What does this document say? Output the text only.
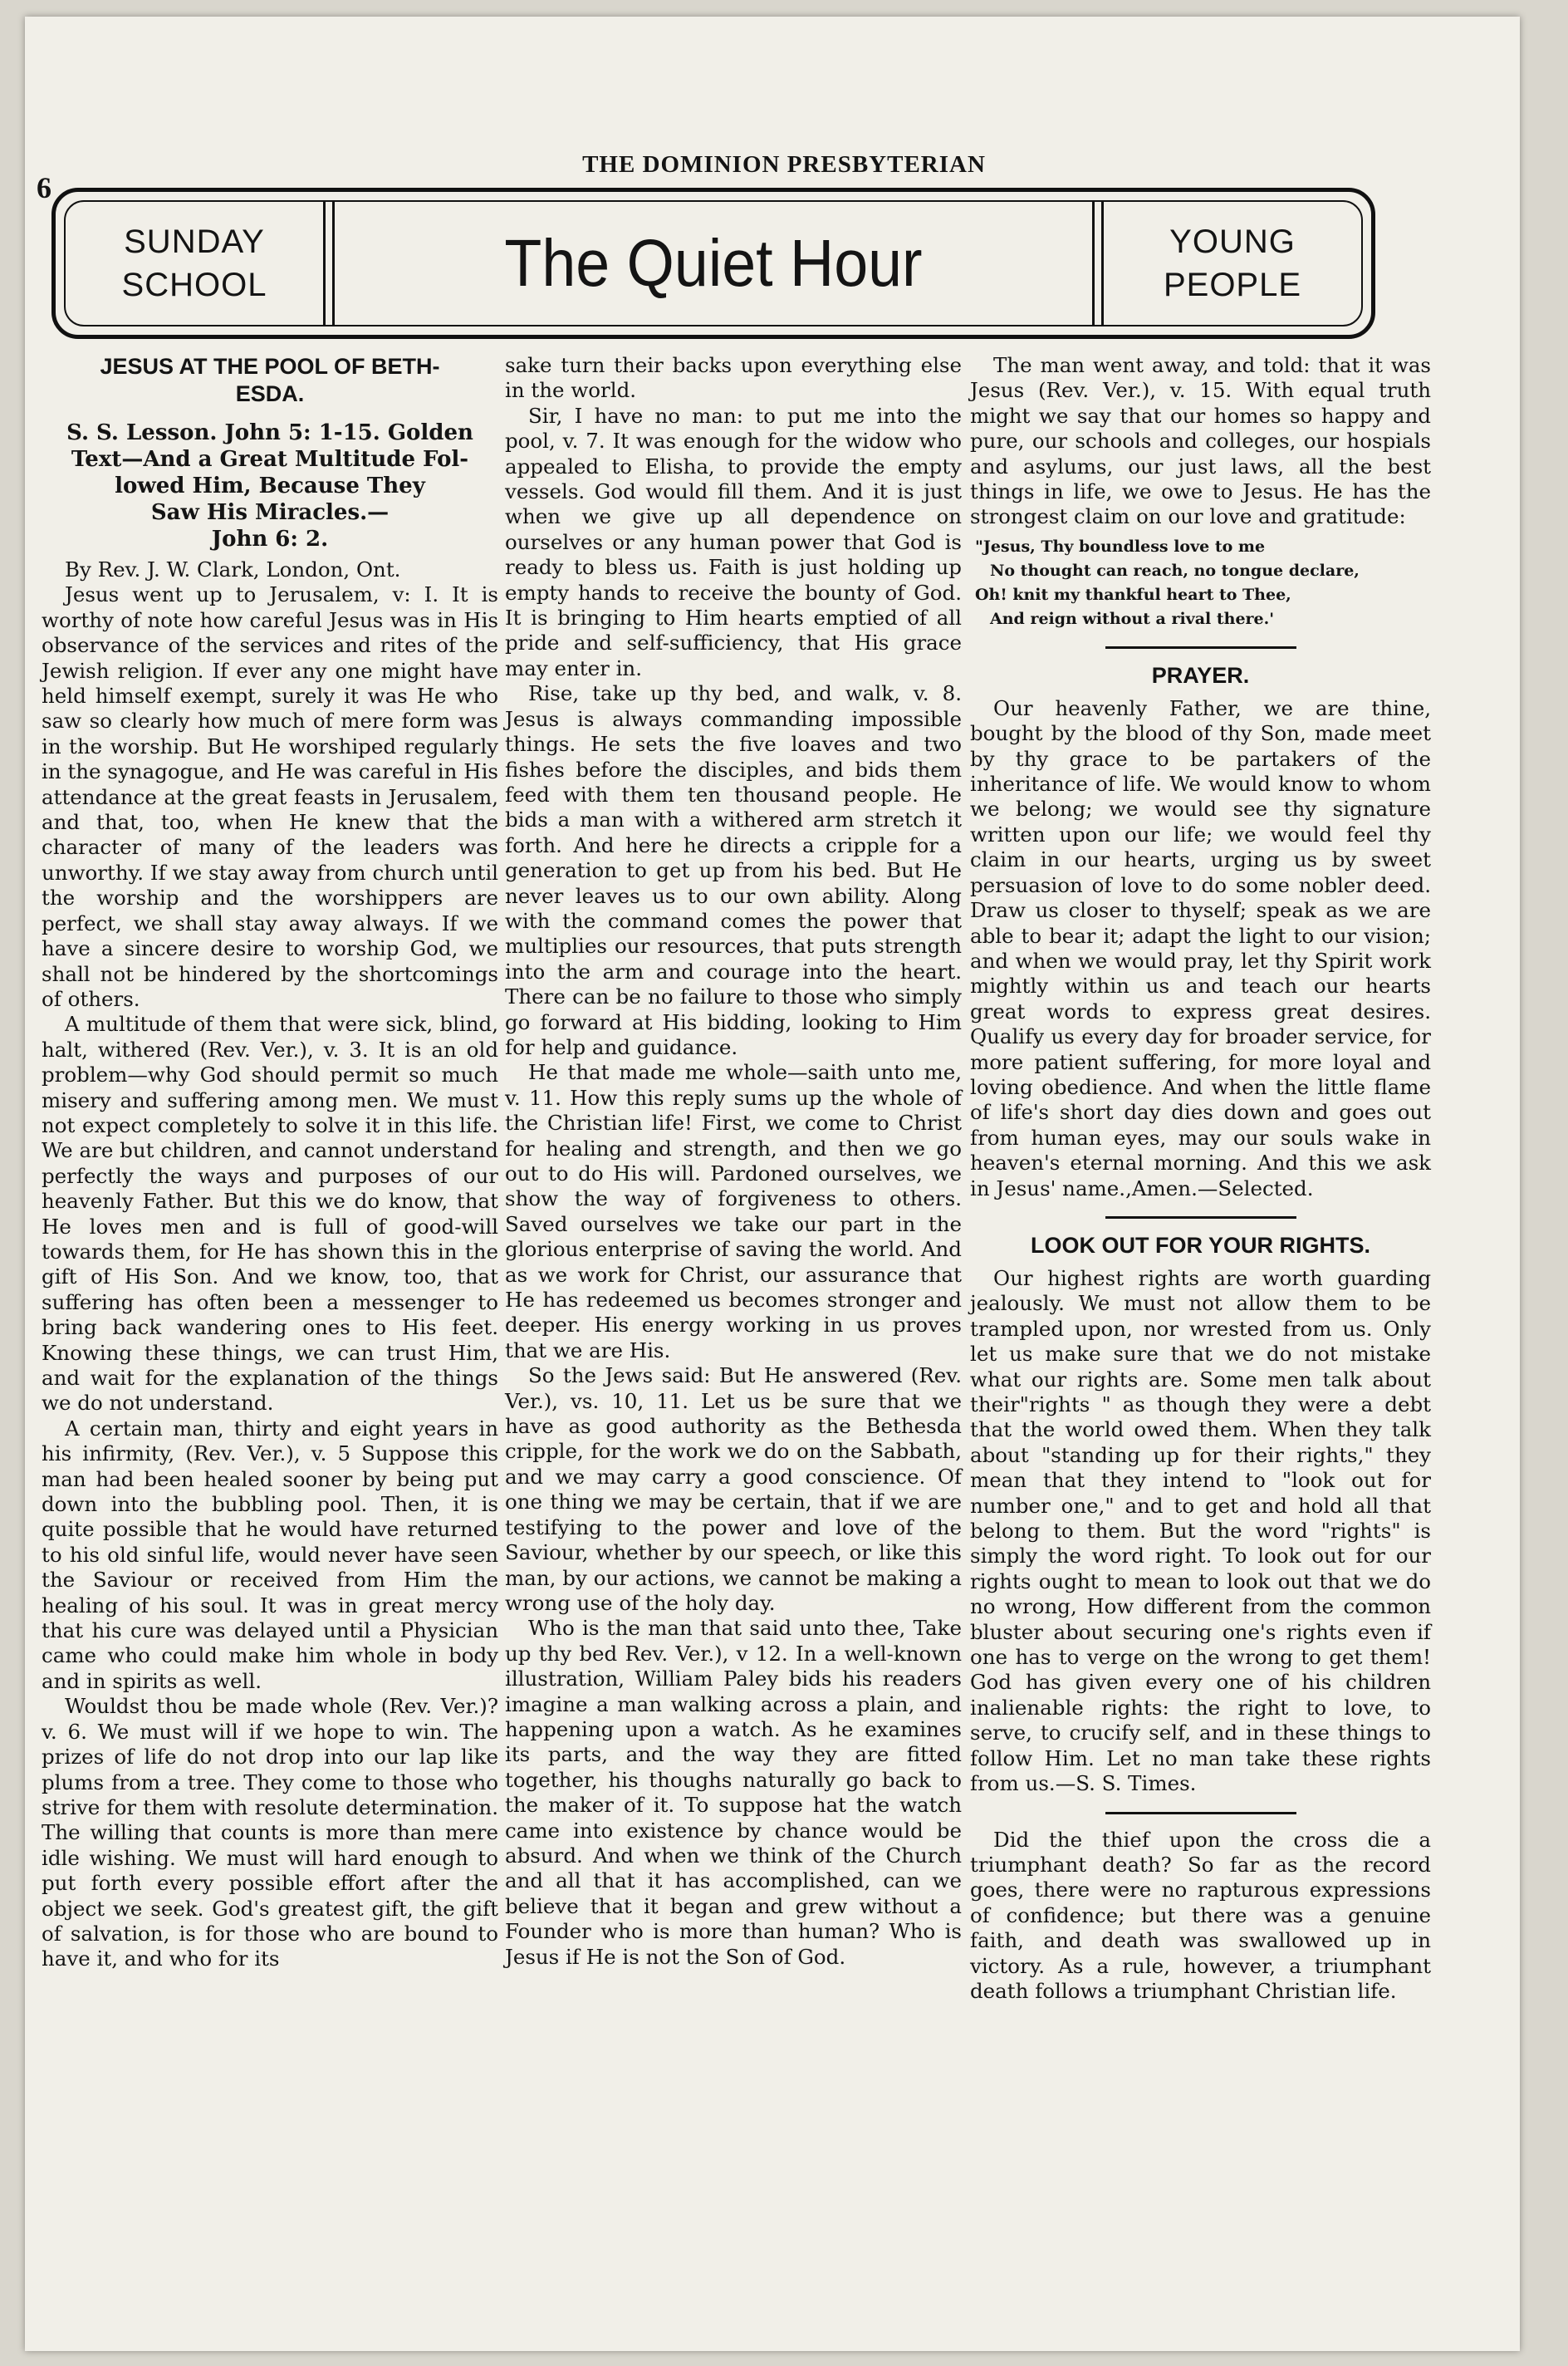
6
THE DOMINION PRESBYTERIAN
SUNDAY
SCHOOL	The Quiet Hour	YOUNG
PEOPLE
JESUS AT THE POOL OF BETH-
ESDA.
S. S. Lesson. John 5: 1-15. Golden
Text—And a Great Multitude Fol-
lowed Him, Because They
Saw His Miracles.—
John 6: 2.

By Rev. J. W. Clark, London, Ont.

Jesus went up to Jerusalem, v: I. It is worthy of note how careful Jesus was in His observance of the services and rites of the Jewish religion. If ever any one might have held himself exempt, surely it was He who saw so clearly how much of mere form was in the worship. But He worshiped regularly in the synagogue, and He was careful in His attendance at the great feasts in Jerusalem, and that, too, when He knew that the character of many of the leaders was unworthy. If we stay away from church until the worship and the worshippers are perfect, we shall stay away always. If we have a sincere desire to worship God, we shall not be hindered by the shortcomings of others.

A multitude of them that were sick, blind, halt, withered (Rev. Ver.), v. 3. It is an old problem—why God should permit so much misery and suffering among men. We must not expect completely to solve it in this life. We are but children, and cannot understand perfectly the ways and purposes of our heavenly Father. But this we do know, that He loves men and is full of good-will towards them, for He has shown this in the gift of His Son. And we know, too, that suffering has often been a messenger to bring back wandering ones to His feet. Knowing these things, we can trust Him, and wait for the explanation of the things we do not understand.

A certain man, thirty and eight years in his infirmity, (Rev. Ver.), v. 5 Suppose this man had been healed sooner by being put down into the bubbling pool. Then, it is quite possible that he would have returned to his old sinful life, would never have seen the Saviour or received from Him the healing of his soul. It was in great mercy that his cure was delayed until a Physician came who could make him whole in body and in spirits as well.

Wouldst thou be made whole (Rev. Ver.)? v. 6. We must will if we hope to win. The prizes of life do not drop into our lap like plums from a tree. They come to those who strive for them with resolute determination. The willing that counts is more than mere idle wishing. We must will hard enough to put forth every possible effort after the object we seek. God's greatest gift, the gift of salvation, is for those who are bound to have it, and who for its

sake turn their backs upon everything else in the world.

Sir, I have no man: to put me into the pool, v. 7. It was enough for the widow who appealed to Elisha, to provide the empty vessels. God would fill them. And it is just when we give up all dependence on ourselves or any human power that God is ready to bless us. Faith is just holding up empty hands to receive the bounty of God. It is bringing to Him hearts emptied of all pride and self-sufficiency, that His grace may enter in.

Rise, take up thy bed, and walk, v. 8. Jesus is always commanding impossible things. He sets the five loaves and two fishes before the disciples, and bids them feed with them ten thousand people. He bids a man with a withered arm stretch it forth. And here he directs a cripple for a generation to get up from his bed. But He never leaves us to our own ability. Along with the command comes the power that multiplies our resources, that puts strength into the arm and courage into the heart. There can be no failure to those who simply go forward at His bidding, looking to Him for help and guidance.

He that made me whole—saith unto me, v. 11. How this reply sums up the whole of the Christian life! First, we come to Christ for healing and strength, and then we go out to do His will. Pardoned ourselves, we show the way of forgiveness to others. Saved ourselves we take our part in the glorious enterprise of saving the world. And as we work for Christ, our assurance that He has redeemed us becomes stronger and deeper. His energy working in us proves that we are His.

So the Jews said: But He answered (Rev. Ver.), vs. 10, 11. Let us be sure that we have as good authority as the Bethesda cripple, for the work we do on the Sabbath, and we may carry a good conscience. Of one thing we may be certain, that if we are testifying to the power and love of the Saviour, whether by our speech, or like this man, by our actions, we cannot be making a wrong use of the holy day.

Who is the man that said unto thee, Take up thy bed Rev. Ver.), v 12. In a well-known illustration, William Paley bids his readers imagine a man walking across a plain, and happening upon a watch. As he examines its parts, and the way they are fitted together, his thoughs naturally go back to the maker of it. To suppose hat the watch came into existence by chance would be absurd. And when we think of the Church and all that it has accomplished, can we believe that it began and grew without a Founder who is more than human? Who is Jesus if He is not the Son of God.

The man went away, and told: that it was Jesus (Rev. Ver.), v. 15. With equal truth might we say that our homes so happy and pure, our schools and colleges, our hospials and asylums, our just laws, all the best things in life, we owe to Jesus. He has the strongest claim on our love and gratitude:

"Jesus, Thy boundless love to me
No thought can reach, no tongue declare,
Oh! knit my thankful heart to Thee,
And reign without a rival there.'
PRAYER.

Our heavenly Father, we are thine, bought by the blood of thy Son, made meet by thy grace to be partakers of the inheritance of life. We would know to whom we belong; we would see thy signature written upon our life; we would feel thy claim in our hearts, urging us by sweet persuasion of love to do some nobler deed. Draw us closer to thyself; speak as we are able to bear it; adapt the light to our vision; and when we would pray, let thy Spirit work mightly within us and teach our hearts great words to express great desires. Qualify us every day for broader service, for more patient suffering, for more loyal and loving obedience. And when the little flame of life's short day dies down and goes out from human eyes, may our souls wake in heaven's eternal morning. And this we ask in Jesus' name.,Amen.—Selected.

LOOK OUT FOR YOUR RIGHTS.

Our highest rights are worth guarding jealously. We must not allow them to be trampled upon, nor wrested from us. Only let us make sure that we do not mistake what our rights are. Some men talk about their"rights " as though they were a debt that the world owed them. When they talk about "standing up for their rights," they mean that they intend to "look out for number one," and to get and hold all that belong to them. But the word "rights" is simply the word right. To look out for our rights ought to mean to look out that we do no wrong, How different from the common bluster about securing one's rights even if one has to verge on the wrong to get them! God has given every one of his children inalienable rights: the right to love, to serve, to crucify self, and in these things to follow Him. Let no man take these rights from us.—S. S. Times.

Did the thief upon the cross die a triumphant death? So far as the record goes, there were no rapturous expressions of confidence; but there was a genuine faith, and death was swallowed up in victory. As a rule, however, a triumphant death follows a triumphant Christian life.
